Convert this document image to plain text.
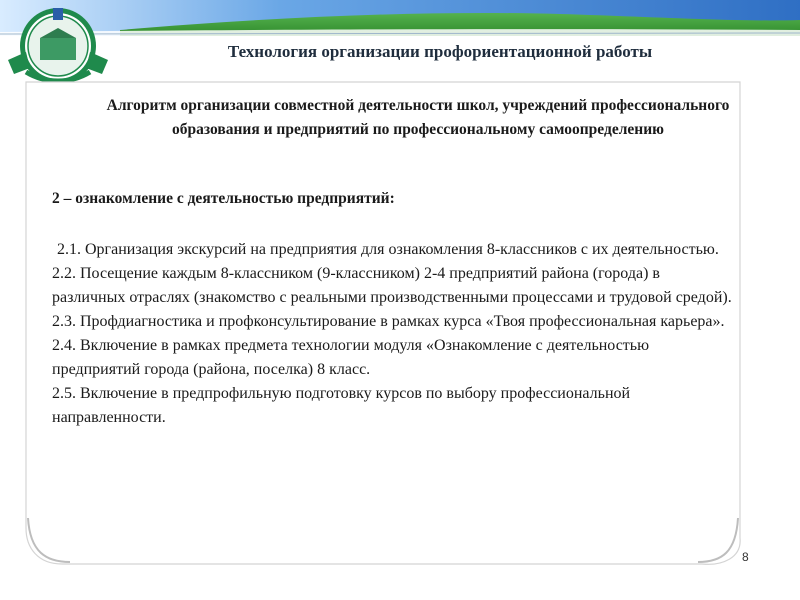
Технология организации профориентационной работы

Алгоритм организации совместной деятельности школ, учреждений профессионального образования и предприятий по профессиональному самоопределению

2 – ознакомление с деятельностью предприятий:

2.1. Организация экскурсий на предприятия для ознакомления 8-классников с их деятельностью.
2.2. Посещение каждым 8-классником (9-классником) 2-4 предприятий района (города) в различных отраслях (знакомство с реальными производственными процессами и трудовой средой).
2.3. Профдиагностика и профконсультирование в рамках курса «Твоя профессиональная карьера».
2.4. Включение в рамках предмета технологии модуля «Ознакомление с деятельностью предприятий города (района, поселка) 8 класс.
2.5. Включение в предпрофильную подготовку курсов по выбору профессиональной направленности.
8
